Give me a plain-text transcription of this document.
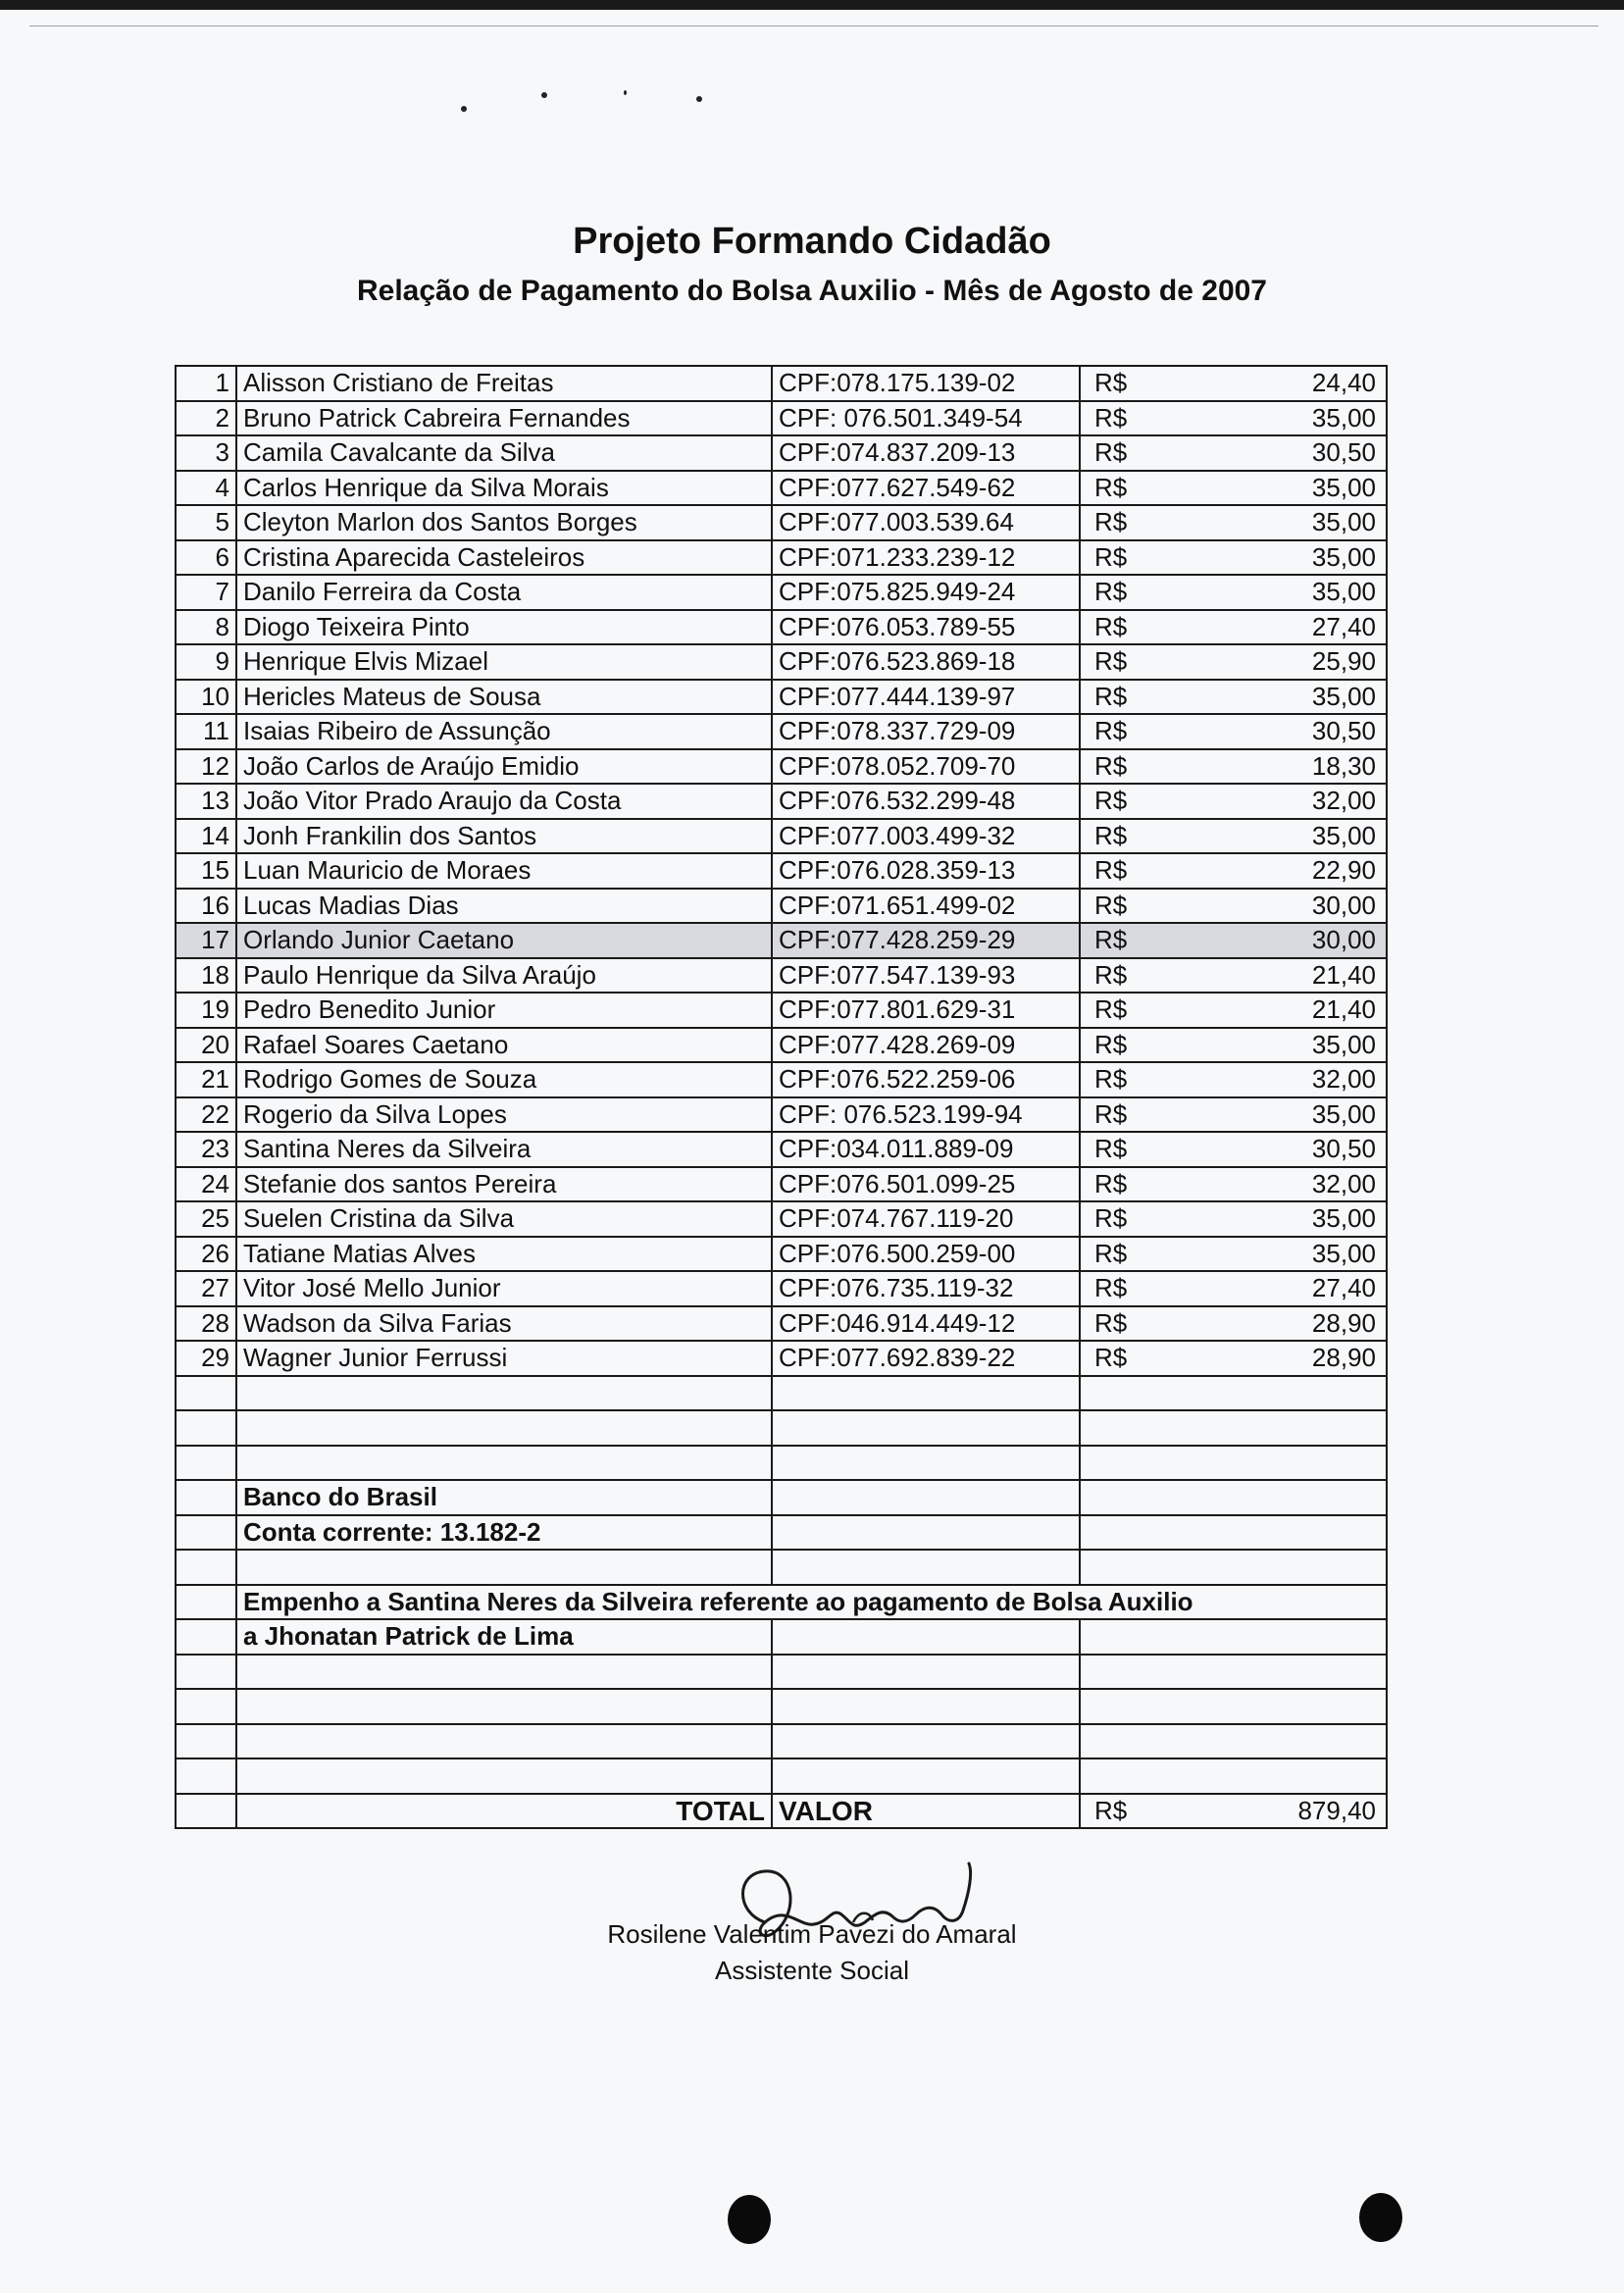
Projeto Formando Cidadão
Relação de Pagamento do Bolsa Auxilio - Mês de Agosto de 2007
1	Alisson Cristiano de Freitas	CPF:078.175.139-02	R$ 24,40

2	Bruno Patrick Cabreira Fernandes	CPF: 076.501.349-54	R$ 35,00

3	Camila Cavalcante da Silva	CPF:074.837.209-13	R$ 30,50

4	Carlos Henrique da Silva Morais	CPF:077.627.549-62	R$ 35,00

5	Cleyton Marlon dos Santos Borges	CPF:077.003.539.64	R$ 35,00

6	Cristina Aparecida Casteleiros	CPF:071.233.239-12	R$ 35,00

7	Danilo Ferreira da Costa	CPF:075.825.949-24	R$ 35,00

8	Diogo Teixeira Pinto	CPF:076.053.789-55	R$ 27,40

9	Henrique Elvis Mizael	CPF:076.523.869-18	R$ 25,90

10	Hericles Mateus de Sousa	CPF:077.444.139-97	R$ 35,00

11	Isaias Ribeiro de Assunção	CPF:078.337.729-09	R$ 30,50

12	João Carlos de Araújo Emidio	CPF:078.052.709-70	R$ 18,30

13	João Vitor Prado Araujo da Costa	CPF:076.532.299-48	R$ 32,00

14	Jonh Frankilin dos Santos	CPF:077.003.499-32	R$ 35,00

15	Luan Mauricio de Moraes	CPF:076.028.359-13	R$ 22,90

16	Lucas Madias Dias	CPF:071.651.499-02	R$ 30,00

17	Orlando Junior Caetano	CPF:077.428.259-29	R$ 30,00

18	Paulo Henrique da Silva Araújo	CPF:077.547.139-93	R$ 21,40

19	Pedro Benedito Junior	CPF:077.801.629-31	R$ 21,40

20	Rafael Soares Caetano	CPF:077.428.269-09	R$ 35,00

21	Rodrigo Gomes de Souza	CPF:076.522.259-06	R$ 32,00

22	Rogerio da Silva Lopes	CPF: 076.523.199-94	R$ 35,00

23	Santina Neres da Silveira	CPF:034.011.889-09	R$ 30,50

24	Stefanie dos santos Pereira	CPF:076.501.099-25	R$ 32,00

25	Suelen Cristina da Silva	CPF:074.767.119-20	R$ 35,00

26	Tatiane Matias Alves	CPF:076.500.259-00	R$ 35,00

27	Vitor José Mello Junior	CPF:076.735.119-32	R$ 27,40

28	Wadson da Silva Farias	CPF:046.914.449-12	R$ 28,90

29	Wagner Junior Ferrussi	CPF:077.692.839-22	R$ 28,90

	Banco do Brasil		
	Conta corrente: 13.182-2		

	Empenho a Santina Neres da Silveira referente ao pagamento de Bolsa Auxilio		
	a Jhonatan Patrick de Lima		

	TOTAL	VALOR	R$ 879,40
Rosilene Valentim Pavezi do Amaral
Assistente Social
